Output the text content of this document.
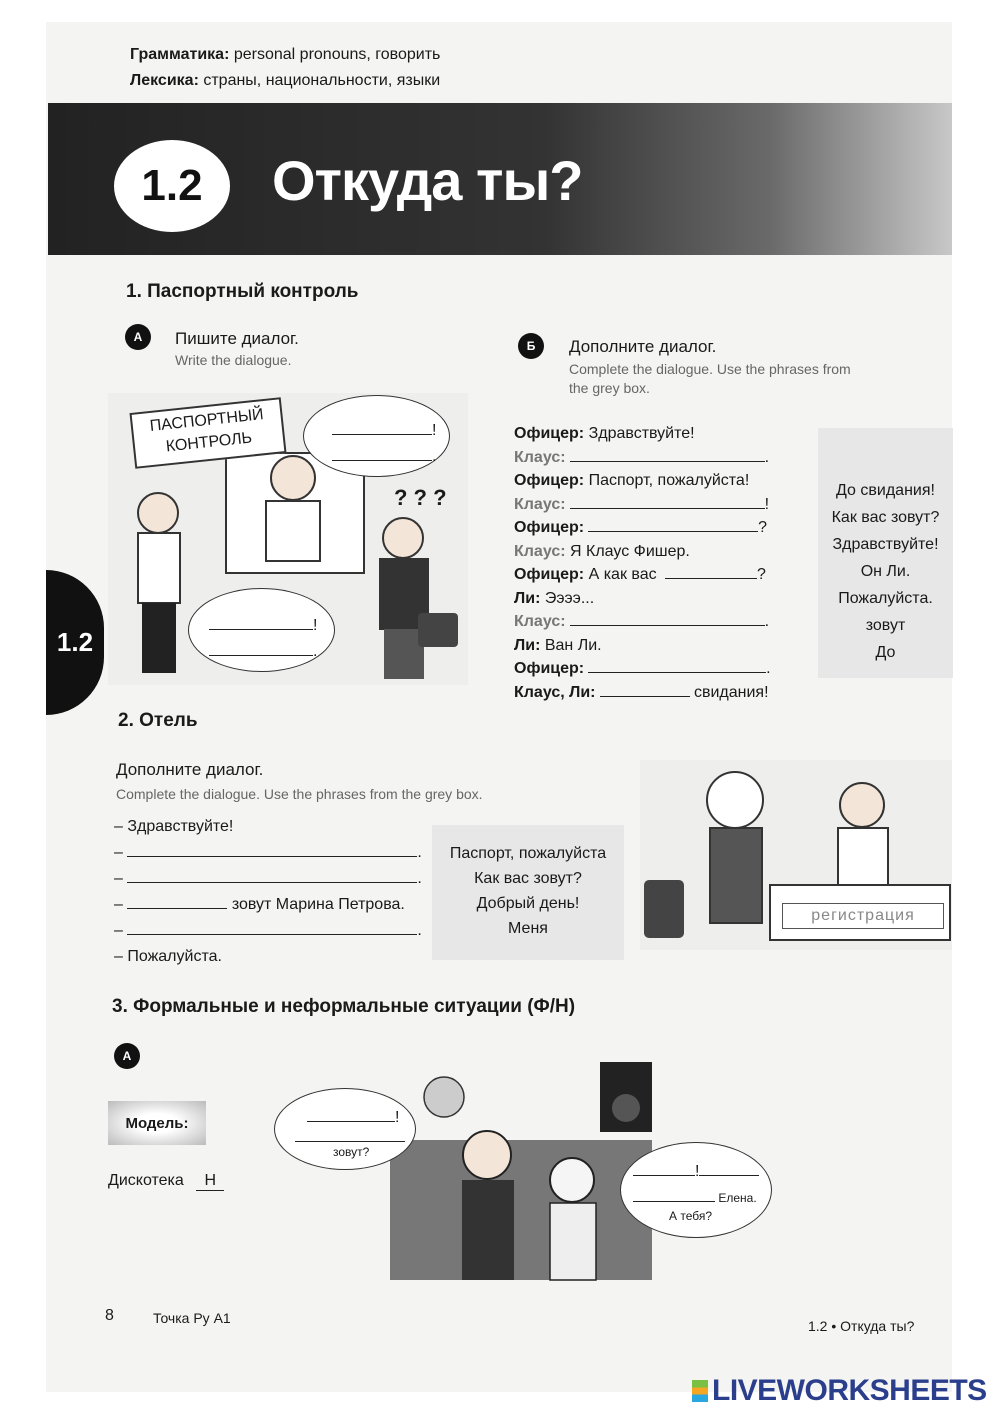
Грамматика: personal pronouns, говорить
Лексика: страны, национальности, языки
1.2	Откуда ты?
1.2
1. Паспортный контроль
А	Пишите диалог.
Write the dialogue.
Б	Дополните диалог.
Complete the dialogue. Use the phrases from
the grey box.
ПАСПОРТНЫЙ
КОНТРОЛЬ
? ? ?
!
.
!
.
Офицер: Здравствуйте!
Клаус:	.
Офицер: Паспорт, пожалуйста!
Клаус:	!
Офицер:	?
Клаус: Я Клаус Фишер.
Офицер: А как вас	?
Ли: Ээээ...
Клаус:	.
Ли: Ван Ли.
Офицер:	.
Клаус, Ли:	свидания!
До свидания!
Как вас зовут?
Здравствуйте!
Он Ли.
Пожалуйста.
зовут
До
2. Отель
Дополните диалог.
Complete the dialogue. Use the phrases from the grey box.
– Здравствуйте!
–	.
–	.
–	зовут Марина Петрова.
–	.
– Пожалуйста.
Паспорт, пожалуйста
Как вас зовут?
Добрый день!
Меня
регистрация
3. Формальные и неформальные ситуации (Ф/Н)
А
Модель:
Дискотека Н
!
зовут?
!
Елена.
А тебя?
8	Точка Ру А1	1.2 • Откуда ты?
LIVEWORKSHEETS
